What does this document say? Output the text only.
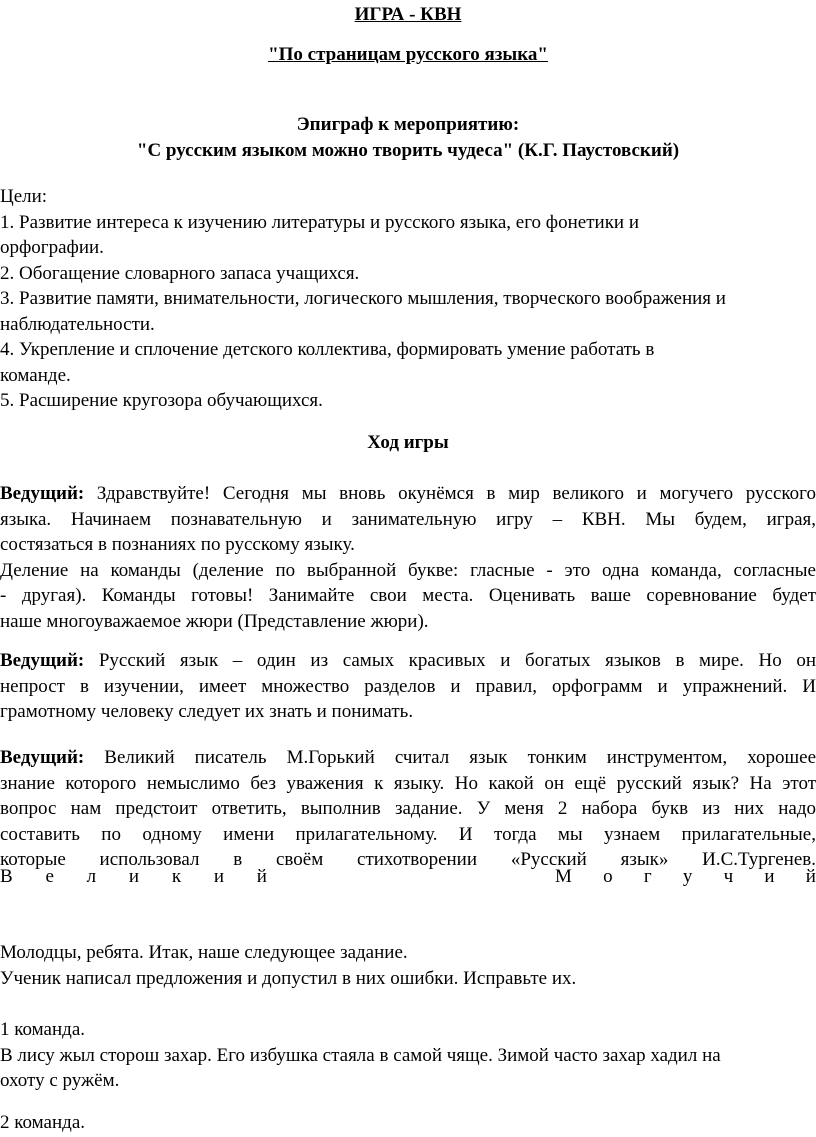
ИГРА - КВН
"По страницам русского языка"
Эпиграф к мероприятию:
"С русским языком можно творить чудеса" (К.Г. Паустовский)
Цели:
1. Развитие интереса к изучению литературы и русского языка, его фонетики и
орфографии.
2. Обогащение словарного запаса учащихся.
3. Развитие памяти, внимательности, логического мышления, творческого воображения и
наблюдательности.
4. Укрепление и сплочение детского коллектива, формировать умение работать в
команде.
5. Расширение кругозора обучающихся.
Ход игры
Ведущий: Здравствуйте! Сегодня мы вновь окунёмся в мир великого и могучего русского
языка. Начинаем познавательную и занимательную игру – КВН. Мы будем, играя,
состязаться в познаниях по русскому языку.
Деление на команды (деление по выбранной букве: гласные - это одна команда, согласные
- другая). Команды готовы! Занимайте свои места. Оценивать ваше соревнование будет
наше многоуважаемое жюри (Представление жюри).
Ведущий: Русский язык – один из самых красивых и богатых языков в мире. Но он
непрост в изучении, имеет множество разделов и правил, орфограмм и упражнений. И
грамотному человеку следует их знать и понимать.
Ведущий: Великий писатель М.Горький считал язык тонким инструментом, хорошее
знание которого немыслимо без уважения к языку. Но какой он ещё русский язык? На этот
вопрос нам предстоит ответить, выполнив задание. У меня 2 набора букв из них надо
составить по одному имени прилагательному. И тогда мы узнаем прилагательные,
которые использовал в своём стихотворении «Русский язык» И.С.Тургенев.
В е л и к и й	М о г у ч и й
Молодцы, ребята. Итак, наше следующее задание.
Ученик написал предложения и допустил в них ошибки. Исправьте их.
1 команда.
В лису жыл сторош захар. Его избушка стаяла в самой чяще. Зимой часто захар хадил на
охоту с ружём.
2 команда.
